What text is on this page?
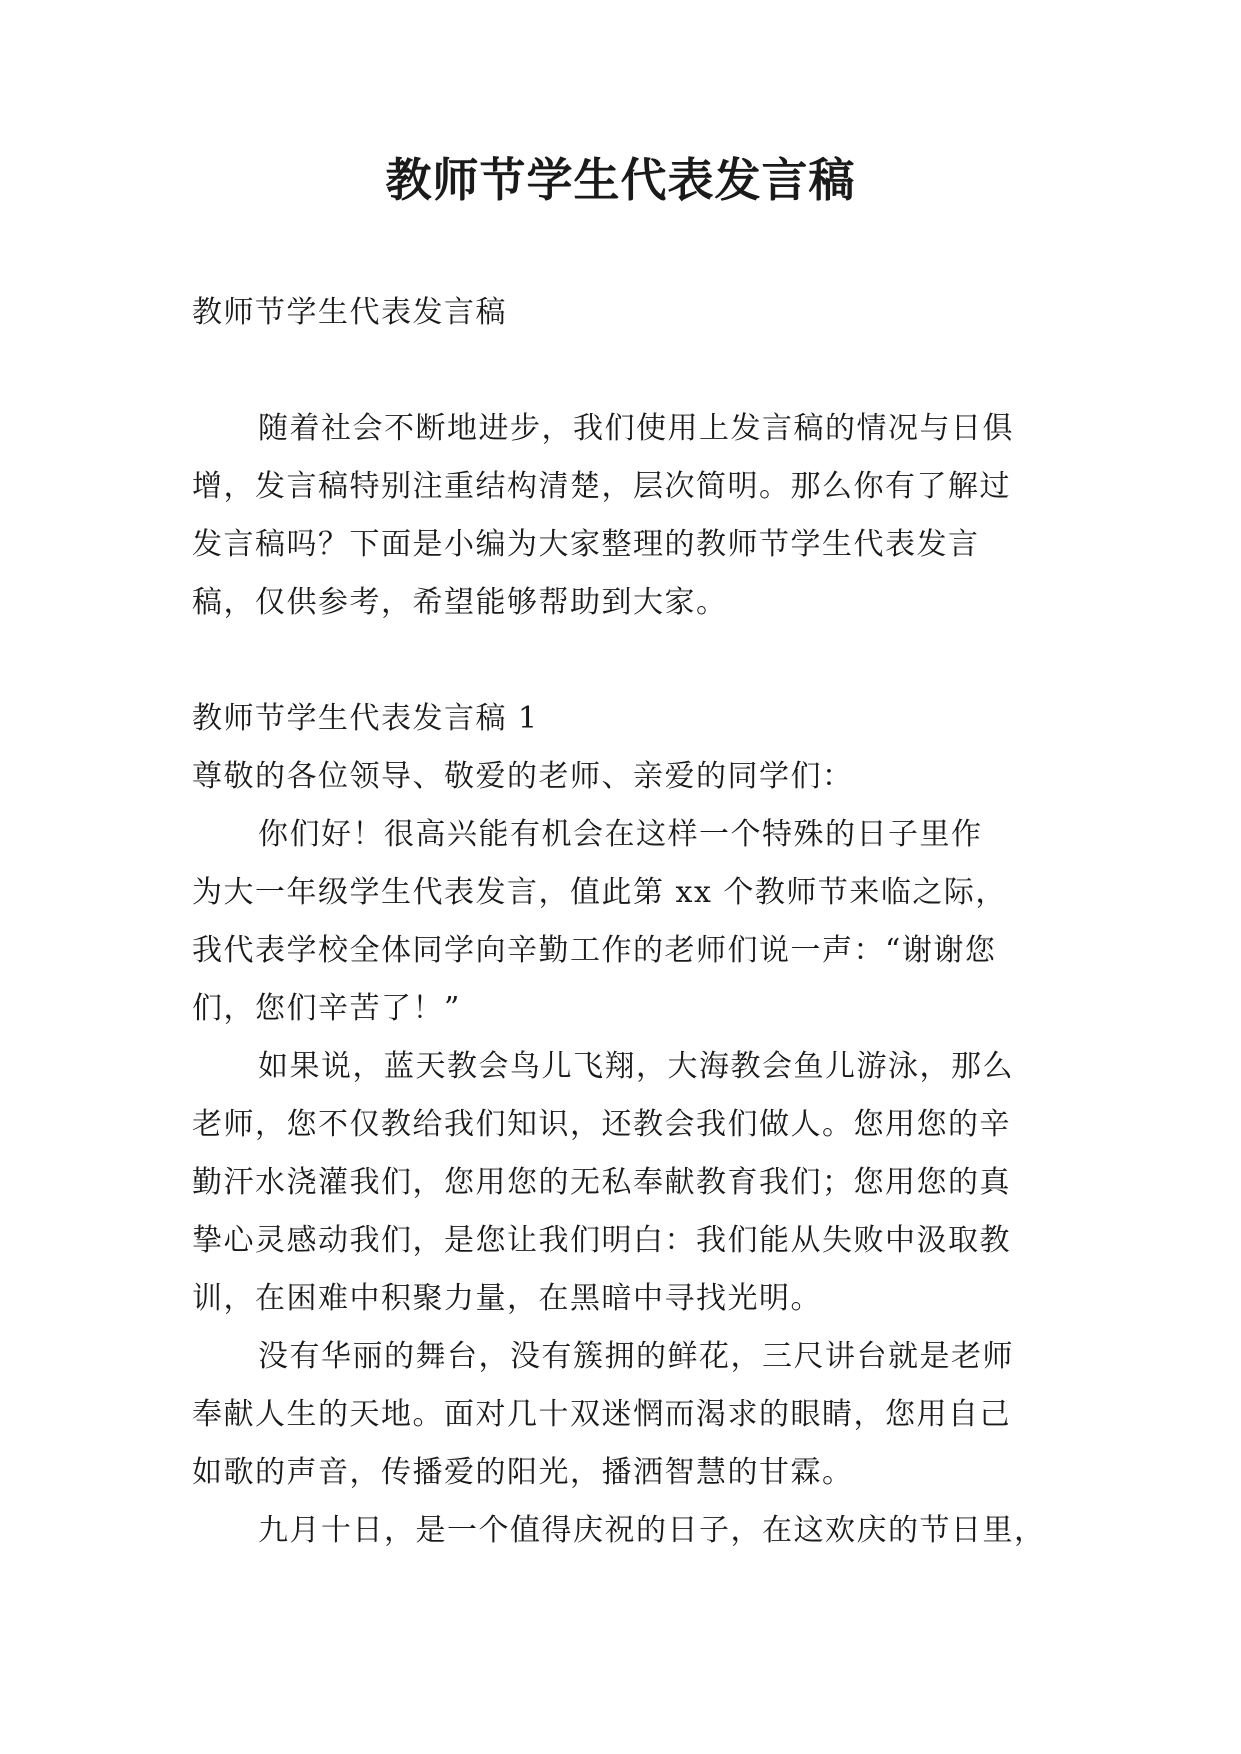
教师节学生代表发言稿

教师节学生代表发言稿

随着社会不断地进步，我们使用上发言稿的情况与日俱
增，发言稿特别注重结构清楚，层次简明。那么你有了解过
发言稿吗？下面是小编为大家整理的教师节学生代表发言
稿，仅供参考，希望能够帮助到大家。

教师节学生代表发言稿 1

尊敬的各位领导、敬爱的老师、亲爱的同学们：

你们好！很高兴能有机会在这样一个特殊的日子里作
为大一年级学生代表发言，值此第 xx 个教师节来临之际，
我代表学校全体同学向辛勤工作的老师们说一声：“谢谢您
们，您们辛苦了！”

如果说，蓝天教会鸟儿飞翔，大海教会鱼儿游泳，那么
老师，您不仅教给我们知识，还教会我们做人。您用您的辛
勤汗水浇灌我们，您用您的无私奉献教育我们；您用您的真
挚心灵感动我们，是您让我们明白：我们能从失败中汲取教
训，在困难中积聚力量，在黑暗中寻找光明。

没有华丽的舞台，没有簇拥的鲜花，三尺讲台就是老师
奉献人生的天地。面对几十双迷惘而渴求的眼睛，您用自己
如歌的声音，传播爱的阳光，播洒智慧的甘霖。

九月十日，是一个值得庆祝的日子，在这欢庆的节日里，
